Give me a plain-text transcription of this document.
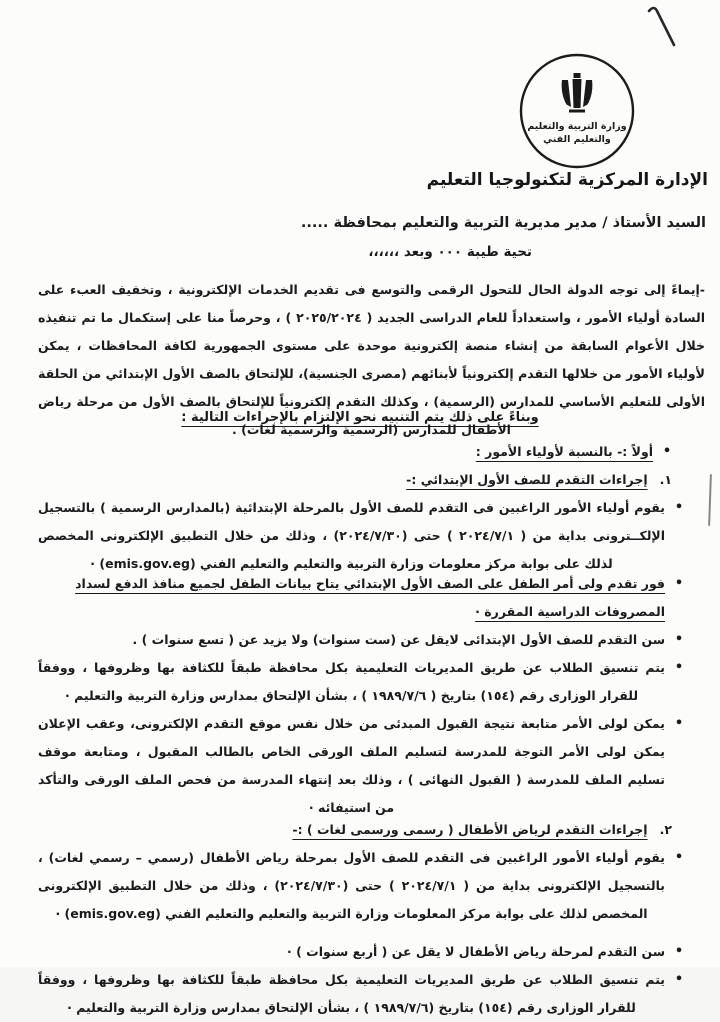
وزارة التربية والتعليم
والتعليم الفني
الإدارة المركزية لتكنولوجيا التعليم
السيد الأستاذ / مدير مديرية التربية والتعليم بمحافظة .....
تحية طيبة ٠٠٠ وبعد ،،،،،،

-إيماءً إلى توجه الدولة الحال للتحول الرقمى والتوسع فى تقديم الخدمات الإلكترونية ، وتخفيف العبء على السادة أولياء الأمور ، واستعداداً للعام الدراسى الجديد ( ٢٠٢٥/٢٠٢٤ ) ، وحرصاً منا على إستكمال ما تم تنفيذه خلال الأعوام السابقة من إنشاء منصة إلكترونية موحدة على مستوى الجمهورية لكافة المحافظات ، يمكن لأولياء الأمور من خلالها التقدم إلكترونياً لأبنائهم (مصرى الجنسية)، للإلتحاق بالصف الأول الإبتدائي من الحلقة الأولى للتعليم الأساسي للمدارس (الرسمية) ، وكذلك التقدم إلكترونياً للإلتحاق بالصف الأول من مرحلة رياض الأطفال للمدارس (الرسمية والرسمية لغات) .

وبناءً على ذلك يتم التنبيه نحو الإلتزام بالإجراءات التالية :
•
أولاً :- بالنسبة لأولياء الأمور :
١.إجراءات التقدم للصف الأول الإبتدائي :-
•
يقوم أولياء الأمور الراغبين فى التقدم للصف الأول بالمرحلة الإبتدائية (بالمدارس الرسمية ) بالتسجيل الإلكــترونى بداية من ( ٢٠٢٤/٧/١ ) حتى (٢٠٢٤/٧/٣٠) ، وذلك من خلال التطبيق الإلكترونى المخصص لذلك على بوابة مركز معلومات وزارة التربية والتعليم والتعليم الفني (emis.gov.eg) ·
•
فور تقدم ولى أمر الطفل على الصف الأول الإبتدائي يتاح بيانات الطفل لجميع منافذ الدفع لسداد المصروفات الدراسية المقررة ·
•
سن التقدم للصف الأول الإبتدائى لايقل عن (ست سنوات) ولا يزيد عن ( تسع سنوات ) .
•
يتم تنسيق الطلاب عن طريق المديريات التعليمية بكل محافظة طبقاً للكثافة بها وظروفها ، ووفقاً للقرار الوزارى رقم (١٥٤) بتاريخ ( ١٩٨٩/٧/٦ ) ، بشأن الإلتحاق بمدارس وزارة التربية والتعليم ·
•
يمكن لولى الأمر متابعة نتيجة القبول المبدئى من خلال نفس موقع التقدم الإلكترونى، وعقب الإعلان يمكن لولى الأمر التوجة للمدرسة لتسليم الملف الورقى الخاص بالطالب المقبول ، ومتابعة موقف تسليم الملف للمدرسة ( القبول النهائى ) ، وذلك بعد إنتهاء المدرسة من فحص الملف الورقى والتأكد من استيفائه ·
٢.إجراءات التقدم لرياض الأطفال ( رسمى ورسمى لغات ) :-
•
يقوم أولياء الأمور الراغبين فى التقدم للصف الأول بمرحلة رياض الأطفال (رسمي – رسمي لغات) ، بالتسجيل الإلكترونى بداية من ( ٢٠٢٤/٧/١ ) حتى (٢٠٢٤/٧/٣٠) ، وذلك من خلال التطبيق الإلكترونى المخصص لذلك على بوابة مركز المعلومات وزارة التربية والتعليم والتعليم الفني (emis.gov.eg) ·
•
سن التقدم لمرحلة رياض الأطفال لا يقل عن ( أربع سنوات ) ·
•
يتم تنسيق الطلاب عن طريق المديريات التعليمية بكل محافظة طبقاً للكثافة بها وظروفها ، ووفقاً للقرار الوزارى رقم (١٥٤) بتاريخ (١٩٨٩/٧/٦ ) ، بشأن الإلتحاق بمدارس وزارة التربية والتعليم ·
